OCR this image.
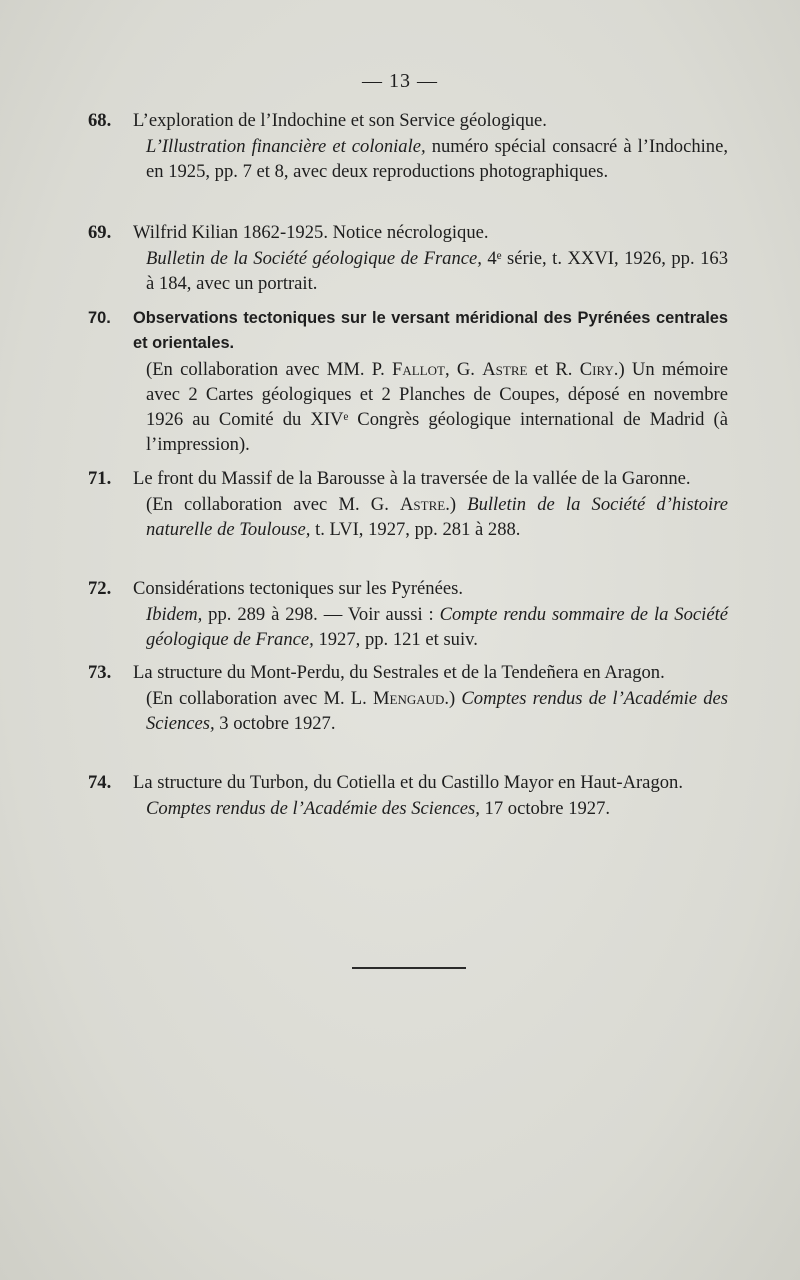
— 13 —
68.	L’exploration de l’Indochine et son Service géologique.
L’Illustration financière et coloniale, numéro spécial consacré à l’Indochine, en 1925, pp. 7 et 8, avec deux reproductions photographiques.
69.	Wilfrid Kilian 1862-1925. Notice nécrologique.
Bulletin de la Société géologique de France, 4ᵉ série, t. XXVI, 1926, pp. 163 à 184, avec un portrait.
70.	Observations tectoniques sur le versant méridional des Pyrénées centrales et orientales.
(En collaboration avec MM. P. Fallot, G. Astre et R. Ciry.) Un mémoire avec 2 Cartes géologiques et 2 Planches de Coupes, déposé en novembre 1926 au Comité du XIVᵉ Congrès géologique international de Madrid (à l’impression).
71.	Le front du Massif de la Barousse à la traversée de la vallée de la Garonne.
(En collaboration avec M. G. Astre.) Bulletin de la Société d’histoire naturelle de Toulouse, t. LVI, 1927, pp. 281 à 288.
72.	Considérations tectoniques sur les Pyrénées.
Ibidem, pp. 289 à 298. — Voir aussi : Compte rendu sommaire de la Société géologique de France, 1927, pp. 121 et suiv.
73.	La structure du Mont-Perdu, du Sestrales et de la Tendeñera en Aragon.
(En collaboration avec M. L. Mengaud.) Comptes rendus de l’Académie des Sciences, 3 octobre 1927.
74.	La structure du Turbon, du Cotiella et du Castillo Mayor en Haut-Aragon.
Comptes rendus de l’Académie des Sciences, 17 octobre 1927.
